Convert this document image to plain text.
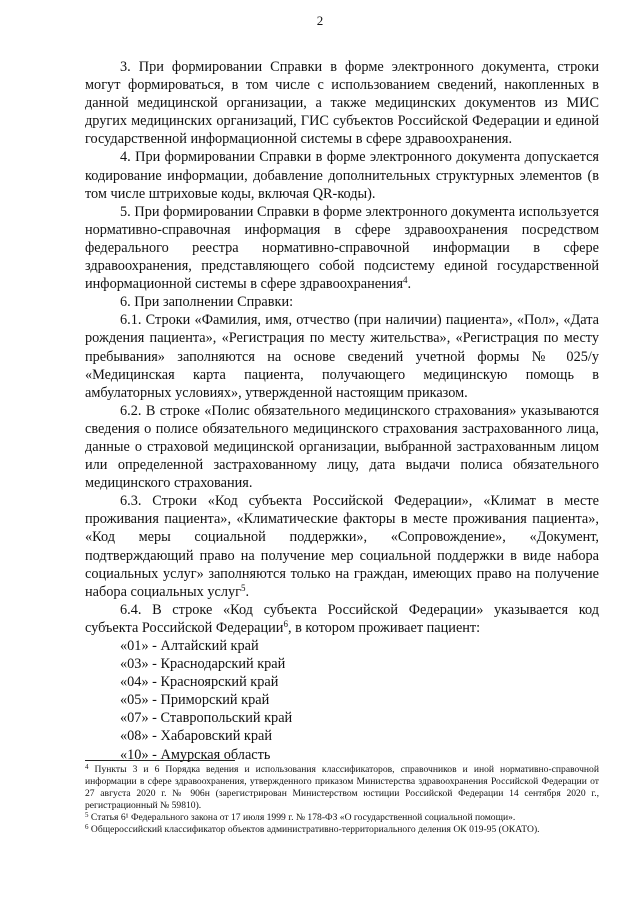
2

3. При формировании Справки в форме электронного документа, строки могут формироваться, в том числе с использованием сведений, накопленных в данной медицинской организации, а также медицинских документов из МИС других медицинских организаций, ГИС субъектов Российской Федерации и единой государственной информационной системы в сфере здравоохранения.

4. При формировании Справки в форме электронного документа допускается кодирование информации, добавление дополнительных структурных элементов (в том числе штриховые коды, включая QR-коды).

5. При формировании Справки в форме электронного документа используется нормативно-справочная информация в сфере здравоохранения посредством федерального реестра нормативно-справочной информации в сфере здравоохранения, представляющего собой подсистему единой государственной информационной системы в сфере здравоохранения$^4$.

6. При заполнении Справки:

6.1. Строки «Фамилия, имя, отчество (при наличии) пациента», «Пол», «Дата рождения пациента», «Регистрация по месту жительства», «Регистрация по месту пребывания» заполняются на основе сведений учетной формы № 025/у «Медицинская карта пациента, получающего медицинскую помощь в амбулаторных условиях», утвержденной настоящим приказом.

6.2. В строке «Полис обязательного медицинского страхования» указываются сведения о полисе обязательного медицинского страхования застрахованного лица, данные о страховой медицинской организации, выбранной застрахованным лицом или определенной застрахованному лицу, дата выдачи полиса обязательного медицинского страхования.

6.3. Строки «Код субъекта Российской Федерации», «Климат в месте проживания пациента», «Климатические факторы в месте проживания пациента», «Код меры социальной поддержки», «Сопровождение», «Документ, подтверждающий право на получение мер социальной поддержки в виде набора социальных услуг» заполняются только на граждан, имеющих право на получение набора социальных услуг$^5$.

6.4. В строке «Код субъекта Российской Федерации» указывается код субъекта Российской Федерации$^6$, в котором проживает пациент:

«01» - Алтайский край
«03» - Краснодарский край
«04» - Красноярский край
«05» - Приморский край
«07» - Ставропольский край
«08» - Хабаровский край
«10» - Амурская область

$^4$ Пункты 3 и 6 Порядка ведения и использования классификаторов, справочников и иной нормативно-справочной информации в сфере здравоохранения, утвержденного приказом Министерства здравоохранения Российской Федерации от 27 августа 2020 г. № 906н (зарегистрирован Министерством юстиции Российской Федерации 14 сентября 2020 г., регистрационный № 59810).

$^5$ Статья 6¹ Федерального закона от 17 июля 1999 г. № 178-ФЗ «О государственной социальной помощи».

$^6$ Общероссийский классификатор объектов административно-территориального деления ОК 019-95 (ОКАТО).
